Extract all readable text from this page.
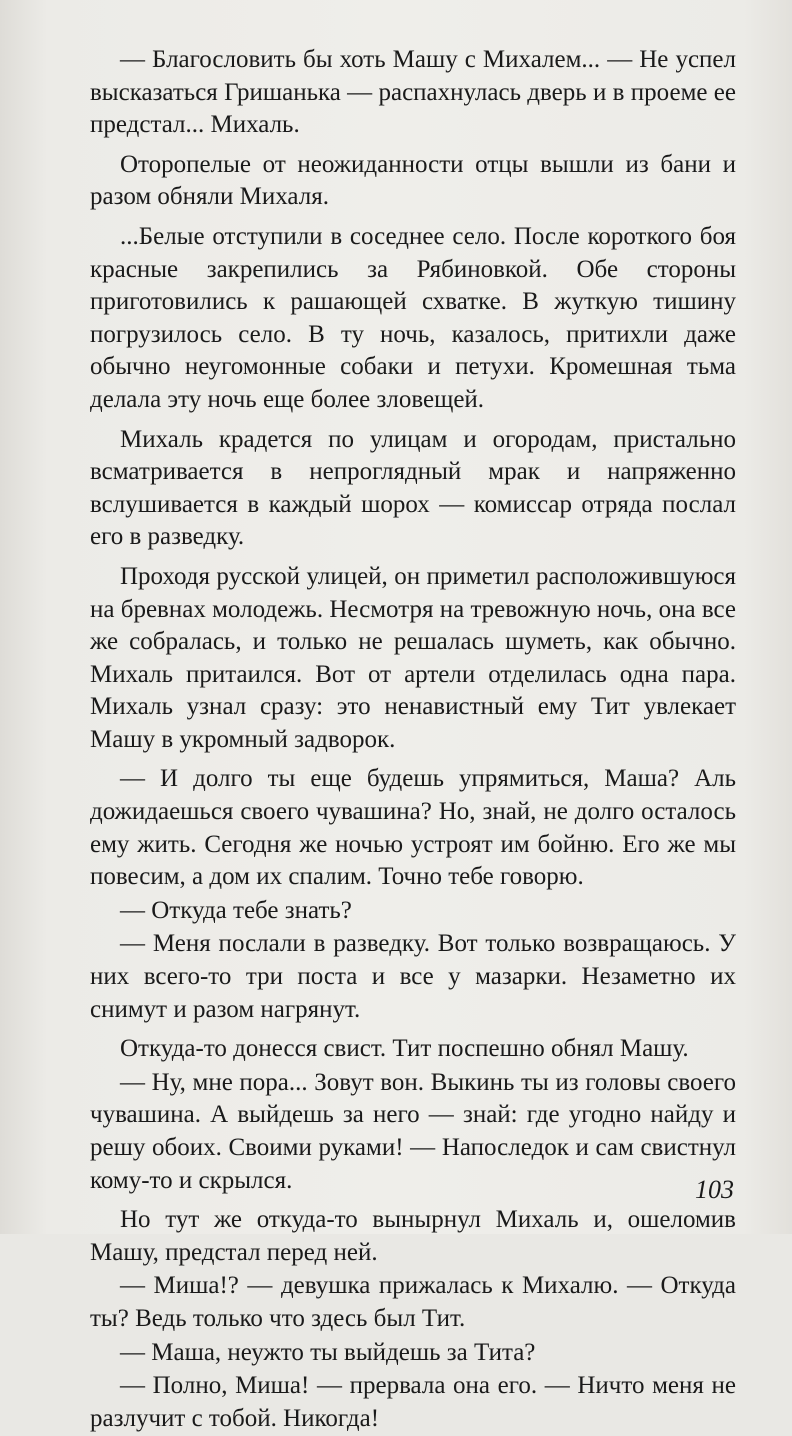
— Благословить бы хоть Машу с Михалем... — Не успел высказаться Гришанька — распахнулась дверь и в проеме ее предстал... Михаль.

Оторопелые от неожиданности отцы вышли из бани и разом обняли Михаля.

...Белые отступили в соседнее село. После короткого боя красные закрепились за Рябиновкой. Обе стороны приготовились к рашающей схватке. В жуткую тишину погрузилось село. В ту ночь, казалось, притихли даже обычно неугомонные собаки и петухи. Кромешная тьма делала эту ночь еще более зловещей.

Михаль крадется по улицам и огородам, пристально всматривается в непроглядный мрак и напряженно вслушивается в каждый шорох — комиссар отряда послал его в разведку.

Проходя русской улицей, он приметил расположившуюся на бревнах молодежь. Несмотря на тревожную ночь, она все же собралась, и только не решалась шуметь, как обычно. Михаль притаился. Вот от артели отделилась одна пара. Михаль узнал сразу: это ненавистный ему Тит увлекает Машу в укромный задворок.

— И долго ты еще будешь упрямиться, Маша? Аль дожидаешься своего чувашина? Но, знай, не долго осталось ему жить. Сегодня же ночью устроят им бойню. Его же мы повесим, а дом их спалим. Точно тебе говорю.

— Откуда тебе знать?

— Меня послали в разведку. Вот только возвращаюсь. У них всего-то три поста и все у мазарки. Незаметно их снимут и разом нагрянут.

Откуда-то донесся свист. Тит поспешно обнял Машу.

— Ну, мне пора... Зовут вон. Выкинь ты из головы своего чувашина. А выйдешь за него — знай: где угодно найду и решу обоих. Своими руками! — Напоследок и сам свистнул кому-то и скрылся.

Но тут же откуда-то вынырнул Михаль и, ошеломив Машу, предстал перед ней.

— Миша!? — девушка прижалась к Михалю. — Откуда ты? Ведь только что здесь был Тит.

— Маша, неужто ты выйдешь за Тита?

— Полно, Миша! — прервала она его. — Ничто меня не разлучит с тобой. Никогда!

103
